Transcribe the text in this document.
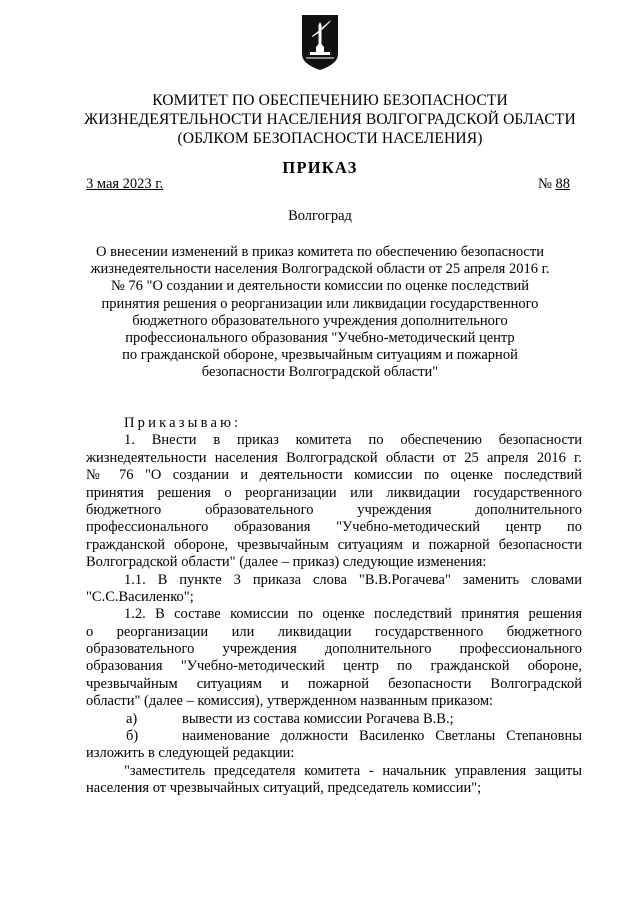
КОМИТЕТ ПО ОБЕСПЕЧЕНИЮ БЕЗОПАСНОСТИ
ЖИЗНЕДЕЯТЕЛЬНОСТИ НАСЕЛЕНИЯ ВОЛГОГРАДСКОЙ ОБЛАСТИ
(ОБЛКОМ БЕЗОПАСНОСТИ НАСЕЛЕНИЯ)
ПРИКАЗ
3 мая 2023 г.	№ 88
Волгоград
О внесении изменений в приказ комитета по обеспечению безопасности
жизнедеятельности населения Волгоградской области от 25 апреля 2016 г.
№ 76 "О создании и деятельности комиссии по оценке последствий
принятия решения о реорганизации или ликвидации государственного
бюджетного образовательного учреждения дополнительного
профессионального образования "Учебно-методический центр
по гражданской обороне, чрезвычайным ситуациям и пожарной
безопасности Волгоградской области"
Приказываю:
1. Внести в приказ комитета по обеспечению безопасности
жизнедеятельности населения Волгоградской области от 25 апреля 2016 г.
№ 76 "О создании и деятельности комиссии по оценке последствий
принятия решения о реорганизации или ликвидации государственного
бюджетного образовательного учреждения дополнительного
профессионального образования "Учебно-методический центр по
гражданской обороне, чрезвычайным ситуациям и пожарной безопасности
Волгоградской области" (далее – приказ) следующие изменения:
1.1. В пункте 3 приказа слова "В.В.Рогачева" заменить словами
"С.С.Василенко";
1.2. В составе комиссии по оценке последствий принятия решения
о реорганизации или ликвидации государственного бюджетного
образовательного учреждения дополнительного профессионального
образования "Учебно-методический центр по гражданской обороне,
чрезвычайным ситуациям и пожарной безопасности Волгоградской
области" (далее – комиссия), утвержденном названным приказом:
а)	вывести из состава комиссии Рогачева В.В.;
б)	наименование должности Василенко Светланы Степановны
изложить в следующей редакции:
"заместитель председателя комитета - начальник управления защиты
населения от чрезвычайных ситуаций, председатель комиссии";
